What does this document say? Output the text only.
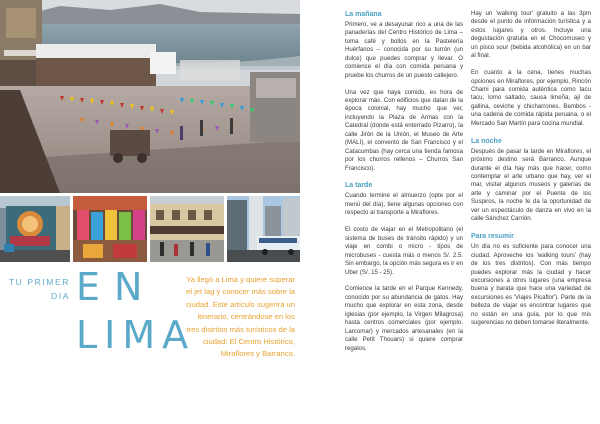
TU PRIMER
DIA EN
LIMA
Ya llegó a Lima y quiere superar el jet lag y conocer más sobre la ciudad. Este artículo sugerirá un itinerario, centrándose en los tres distritos más turísticos de la ciudad: El Centro Histórico, Miraflores y Barranco.
La mañana

Primero, ve a desayunar rico a una de las panaderías del Centro Histórico de Lima – toma café y bollos en la Pastelería Huérfanos – conocida por su turrón (un dulce) que puedes comprar y llevar. O comience el día con comida peruana y pruebe los churros de un puesto callejero.

Una vez que haya comido, es hora de explorar más. Con edificios que datan de la época colonial, hay mucho que ver, incluyendo la Plaza de Armas con la Catedral (donde está enterrado Pizarro), la calle Jirón de la Unión, el Museo de Arte (MALI), el convento de San Francisco y el Catacumbas (hay cerca una tienda famosa por los churros rellenos – Churros San Francisco).

La tarde

Cuando termine el almuerzo (opte por el menú del día), tiene algunas opciones con respecto al transporte a Miraflores.

El costo de viajar en el Metropolitano (el sistema de buses de tránsito rápido) y un viaje en combi o micro - tipos de microbuses - cuesta más o menos S/. 2.5. Sin embargo, la opción más segura es ir en Uber (S/. 15 - 25).

Comience la tarde en el Parque Kennedy, conocido por su abundancia de gatos. Hay mucho que explorar en esta zona, desde iglesias (por ejemplo, la Virgen Milagrosa) hasta centros comerciales (por ejemplo, Larcomar) y mercados artesanales (en la calle Petit Thouars) si quiere comprar regalos.

Hay un 'walking tour' gratuito a las 3pm desde el punto de información turística y a estos lugares y otros. Incluye una degustación gratuita en el Chocomuseo y un pisco sour (bebida alcohólica) en un bar al final.

En cuanto a la cena, tienes muchas opciones en Miraflores, por ejemplo, Rincón Chami para comida auténtica como tacu tacu, lomo saltado, causa limeña, ají de gallina, ceviche y chicharrones. Bembos - una cadena de comida rápida peruana, o el Mercado San Martín para cocina mundial.

La noche

Después de pasar la tarde en Miraflores, el próximo destino será Barranco. Aunque durante el día hay más que hacer, como contemplar el arte urbano que hay, ver el mar, visitar algunos museos y galerías de arte y caminar por el Puente de los Suspiros, la noche te da la oportunidad de ver un espectáculo de danza en vivo en la calle Sánchez Carrión.

Para resumir

Un día no es suficiente para conocer una ciudad. Aproveche los 'walking tours' (hay de los tres distritos). Con más tiempo puedes explorar más la ciudad y hacer excursiones a otros lugares (una empresa buena y barata que hace una variedad de excursiones es 'Viajes Picaflor'). Parte de la belleza de viajar es encontrar lugares que no están en una guía, por lo que mis sugerencias no deben tomarse literalmente.
